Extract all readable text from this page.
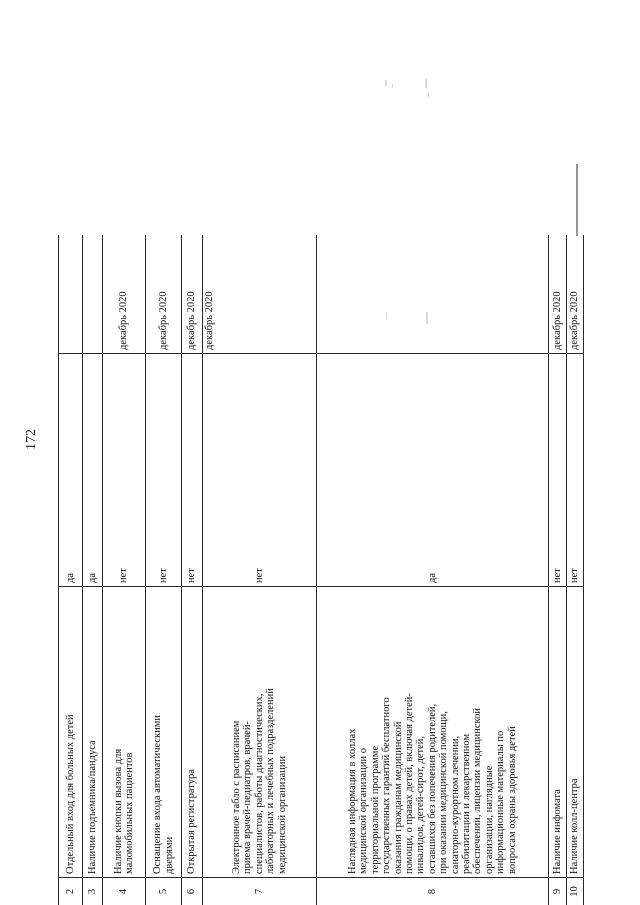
172
2
Отдельный вход для больных детей
да
3
Наличие подъемника/пандуса
да
4
Наличие кнопки вызова для
маломобильных пациентов
нет
декабрь 2020
5
Оснащение входа автоматическими
дверями
нет
декабрь 2020
6
Открытая регистратура
нет
декабрь 2020
7
Электронное табло с расписанием
приема врачей-педиатров, врачей-
специалистов, работы диагностических,
лабораторных и лечебных подразделений
медицинской организации
нет
декабрь 2020
8
Наглядная информация в холлах
медицинской организации о
территориальной программе
государственных гарантий бесплатного
оказания гражданам медицинской
помощи, о правах детей, включая детей-
инвалидов, детей-сирот, детей,
оставшихся без попечения родителей,
при оказании медицинской помощи,
санаторно-курортном лечении,
реабилитации и лекарственном
обеспечении, лицензии медицинской
организации, наглядные
информационные материалы по
вопросам охраны здоровья детей
да
9
Наличие инфомата
нет
декабрь 2020
10
Наличие колл-центра
нет
декабрь 2020
